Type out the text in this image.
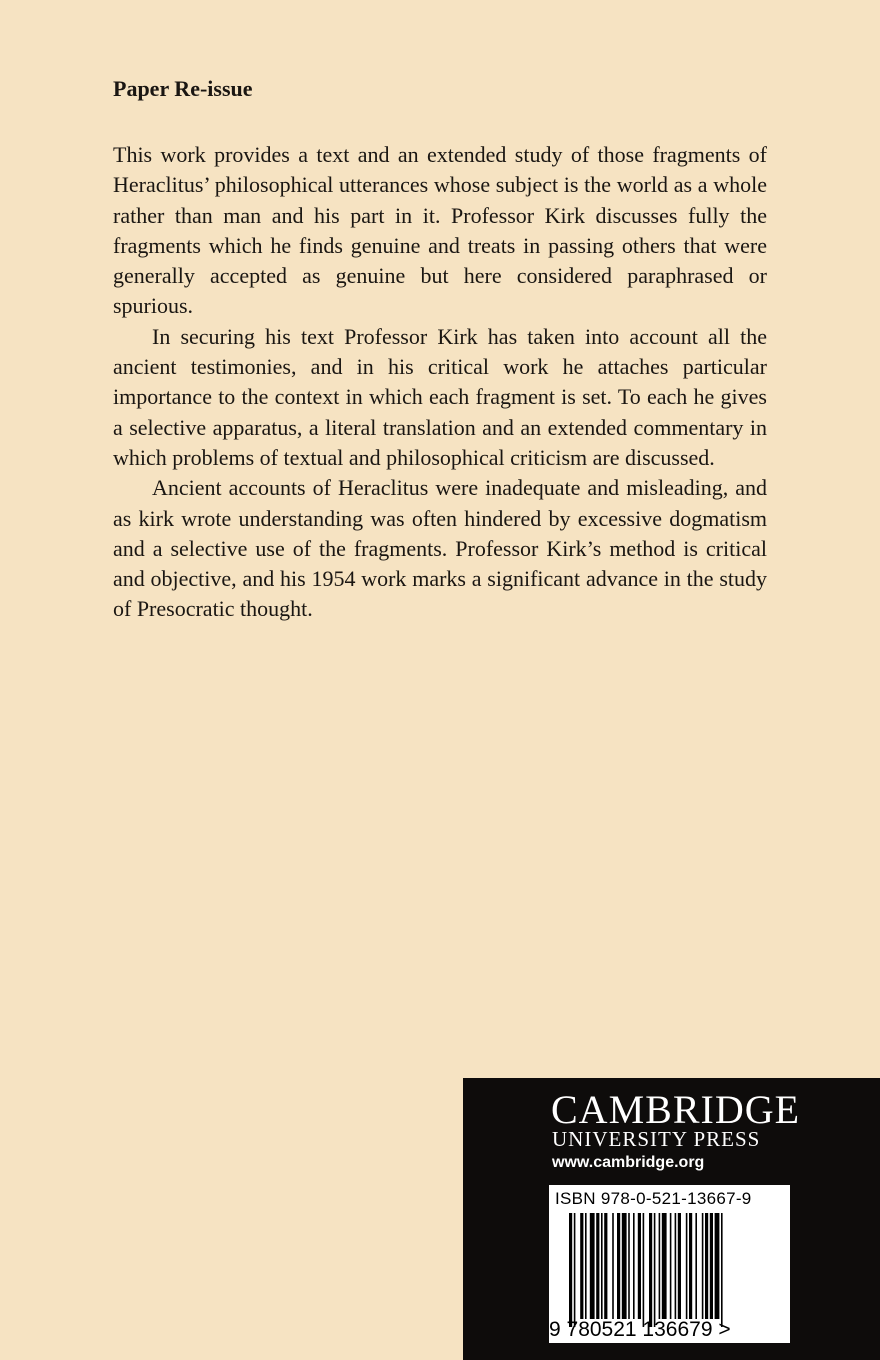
Paper Re-issue

This work provides a text and an extended study of those fragments of Heraclitus’ philosophical utterances whose subject is the world as a whole rather than man and his part in it. Professor Kirk discusses fully the fragments which he finds genuine and treats in passing others that were generally accepted as genuine but here considered paraphrased or spurious.

In securing his text Professor Kirk has taken into account all the ancient testimonies, and in his critical work he attaches particular importance to the context in which each fragment is set. To each he gives a selective apparatus, a literal translation and an extended commentary in which problems of textual and philosophical criticism are discussed.

Ancient accounts of Heraclitus were inadequate and misleading, and as kirk wrote understanding was often hindered by excessive dogmatism and a selective use of the fragments. Professor Kirk’s method is critical and objective, and his 1954 work marks a significant advance in the study of Presocratic thought.

CAMBRIDGE
UNIVERSITY PRESS
www.cambridge.org
ISBN 978-0-521-13667-9
9 780521 136679 >
